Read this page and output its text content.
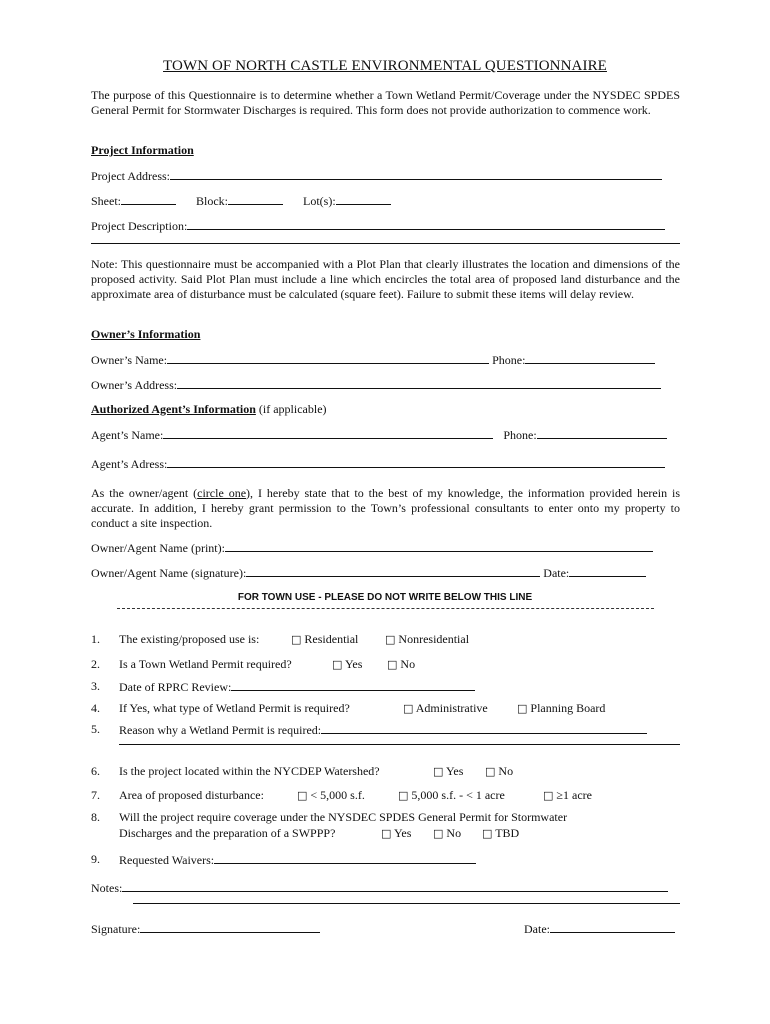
TOWN OF NORTH CASTLE ENVIRONMENTAL QUESTIONNAIRE
The purpose of this Questionnaire is to determine whether a Town Wetland Permit/Coverage under the NYSDEC SPDES General Permit for Stormwater Discharges is required. This form does not provide authorization to commence work.
Project Information
Project Address:
Sheet:	Block:	Lot(s):
Project Description:
Note: This questionnaire must be accompanied with a Plot Plan that clearly illustrates the location and dimensions of the proposed activity. Said Plot Plan must include a line which encircles the total area of proposed land disturbance and the approximate area of disturbance must be calculated (square feet). Failure to submit these items will delay review.
Owner’s Information
Owner’s Name:	Phone:
Owner’s Address:
Authorized Agent’s Information (if applicable)
Agent’s Name:	Phone:
Agent’s Adress:
As the owner/agent (circle one), I hereby state that to the best of my knowledge, the information provided herein is accurate. In addition, I hereby grant permission to the Town’s professional consultants to enter onto my property to conduct a site inspection.
Owner/Agent Name (print):
Owner/Agent Name (signature):	Date:
FOR TOWN USE - PLEASE DO NOT WRITE BELOW THIS LINE
1.	The existing/proposed use is:	□ Residential □ Nonresidential
2.	Is a Town Wetland Permit required?	□ Yes □ No
3.	Date of RPRC Review:
4.	If Yes, what type of Wetland Permit is required?	□ Administrative	□ Planning Board
5.	Reason why a Wetland Permit is required:
6.	Is the project located within the NYCDEP Watershed?	□ Yes □ No
7.	Area of proposed disturbance:	□ < 5,000 s.f.	□ 5,000 s.f. - < 1 acre	□ ≥1 acre
8.	Will the project require coverage under the NYSDEC SPDES General Permit for Stormwater
Discharges and the preparation of a SWPPP?	□ Yes □ No □ TBD
9.	Requested Waivers:
Notes:
Signature:	Date:
